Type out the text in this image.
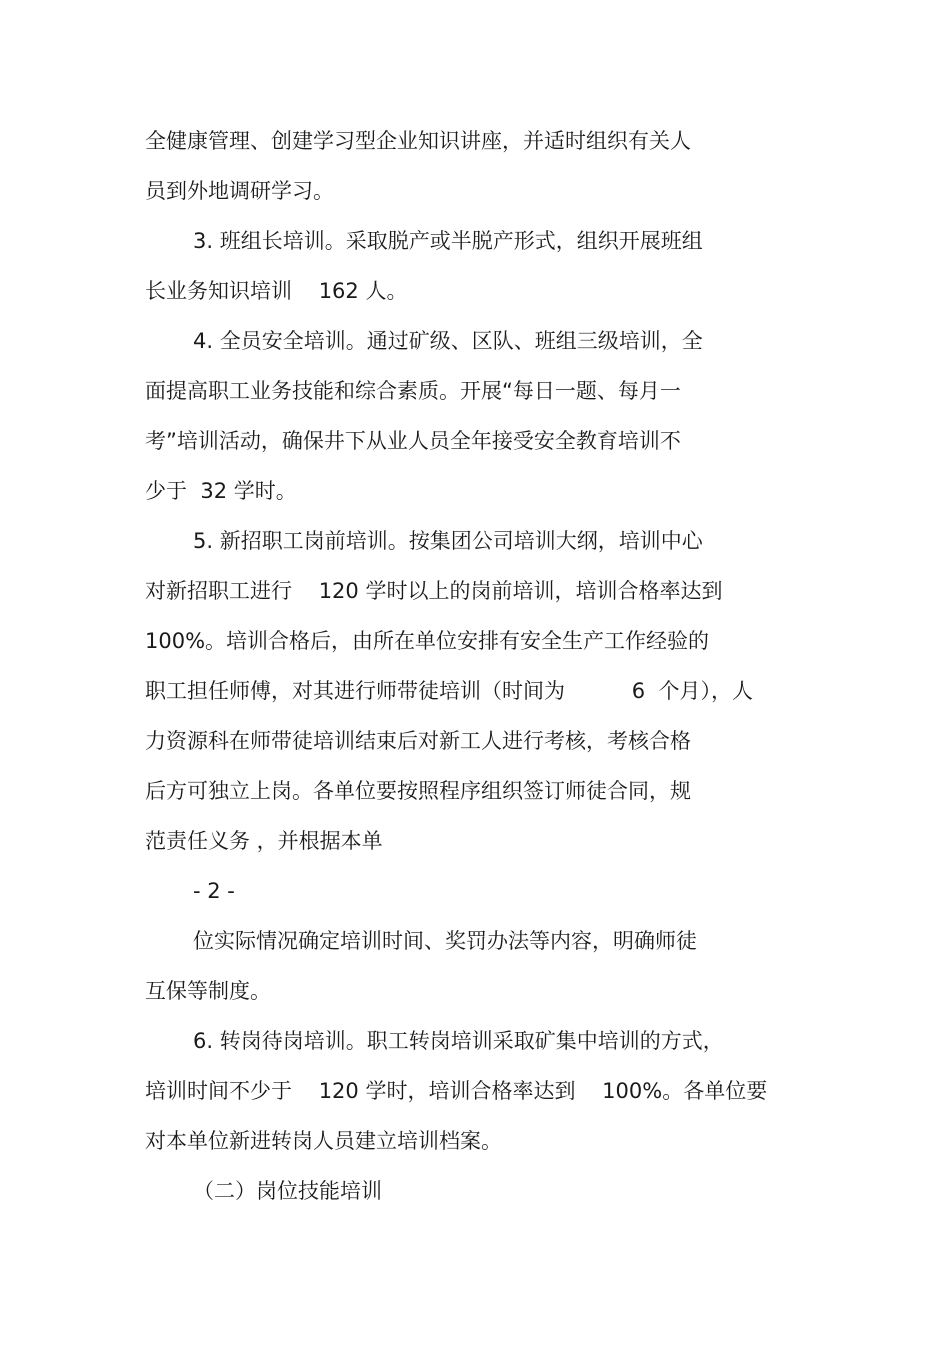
全健康管理、创建学习型企业知识讲座，并适时组织有关人
员到外地调研学习。
3. 班组长培训。采取脱产或半脱产形式，组织开展班组
长业务知识培训    162 人。
4. 全员安全培训。通过矿级、区队、班组三级培训，全
面提高职工业务技能和综合素质。开展“每日一题、每月一
考”培训活动，确保井下从业人员全年接受安全教育培训不
少于  32 学时。
5. 新招职工岗前培训。按集团公司培训大纲，培训中心
对新招职工进行    120 学时以上的岗前培训，培训合格率达到
100%。培训合格后，由所在单位安排有安全生产工作经验的
职工担任师傅，对其进行师带徒培训（时间为          6  个月），人
力资源科在师带徒培训结束后对新工人进行考核，考核合格
后方可独立上岗。各单位要按照程序组织签订师徒合同，规
范责任义务 ，并根据本单
- 2 -
位实际情况确定培训时间、奖罚办法等内容，明确师徒
互保等制度。
6. 转岗待岗培训。职工转岗培训采取矿集中培训的方式，
培训时间不少于    120 学时，培训合格率达到    100%。各单位要
对本单位新进转岗人员建立培训档案。
（二）岗位技能培训
